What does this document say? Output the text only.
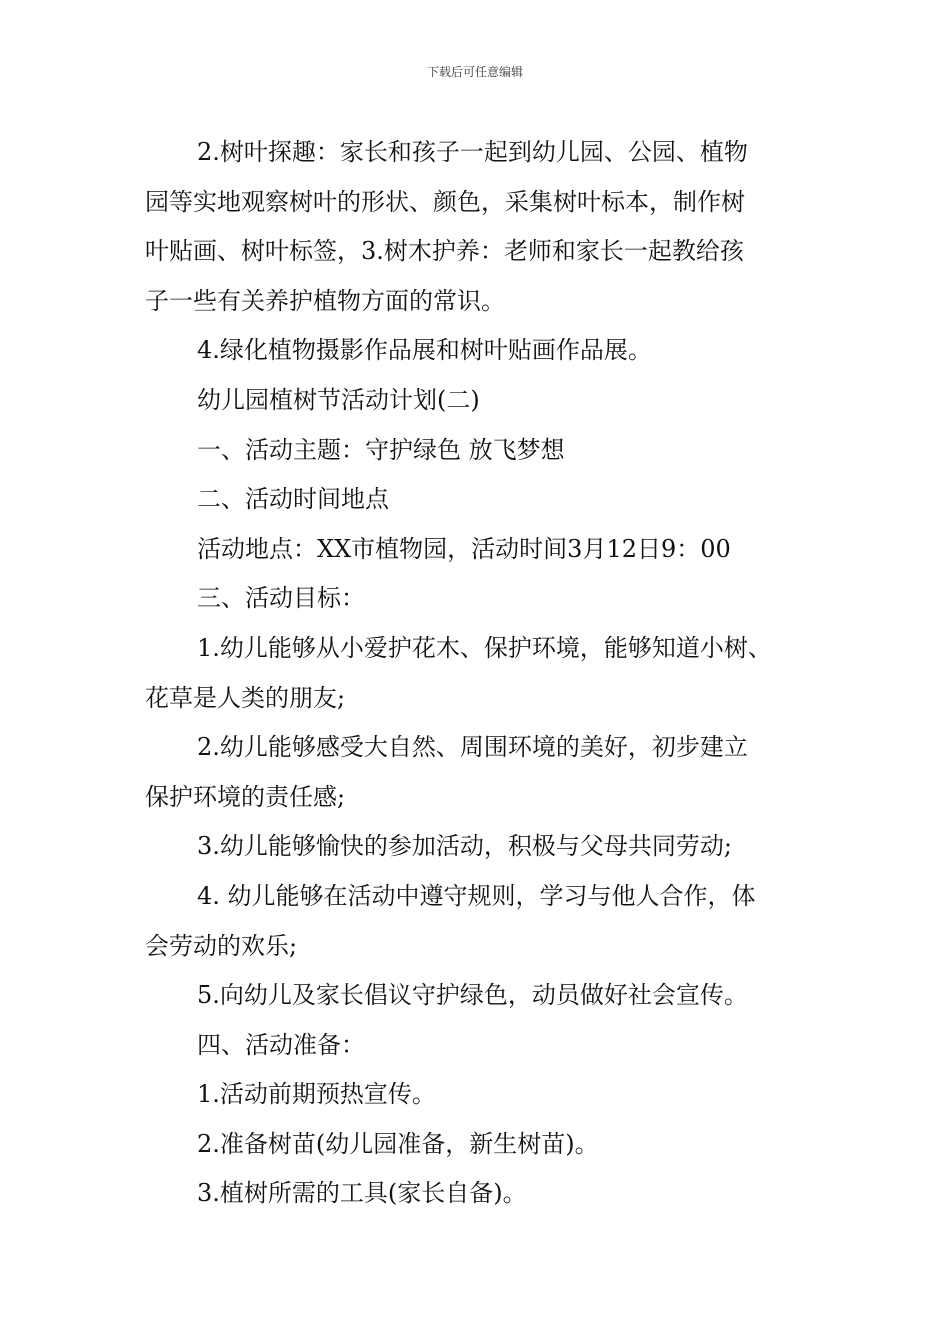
下载后可任意编辑

2.树叶探趣：家长和孩子一起到幼儿园、公园、植物

园等实地观察树叶的形状、颜色，采集树叶标本，制作树

叶贴画、树叶标签，3.树木护养：老师和家长一起教给孩

子一些有关养护植物方面的常识。

4.绿化植物摄影作品展和树叶贴画作品展。

幼儿园植树节活动计划(二)

一、活动主题：守护绿色 放飞梦想

二、活动时间地点

活动地点：XX市植物园，活动时间3月12日9：00

三、活动目标：

1.幼儿能够从小爱护花木、保护环境，能够知道小树、

花草是人类的朋友;

2.幼儿能够感受大自然、周围环境的美好，初步建立

保护环境的责任感;

3.幼儿能够愉快的参加活动，积极与父母共同劳动;

4. 幼儿能够在活动中遵守规则，学习与他人合作，体

会劳动的欢乐;

5.向幼儿及家长倡议守护绿色，动员做好社会宣传。

四、活动准备：

1.活动前期预热宣传。

2.准备树苗(幼儿园准备，新生树苗)。

3.植树所需的工具(家长自备)。
